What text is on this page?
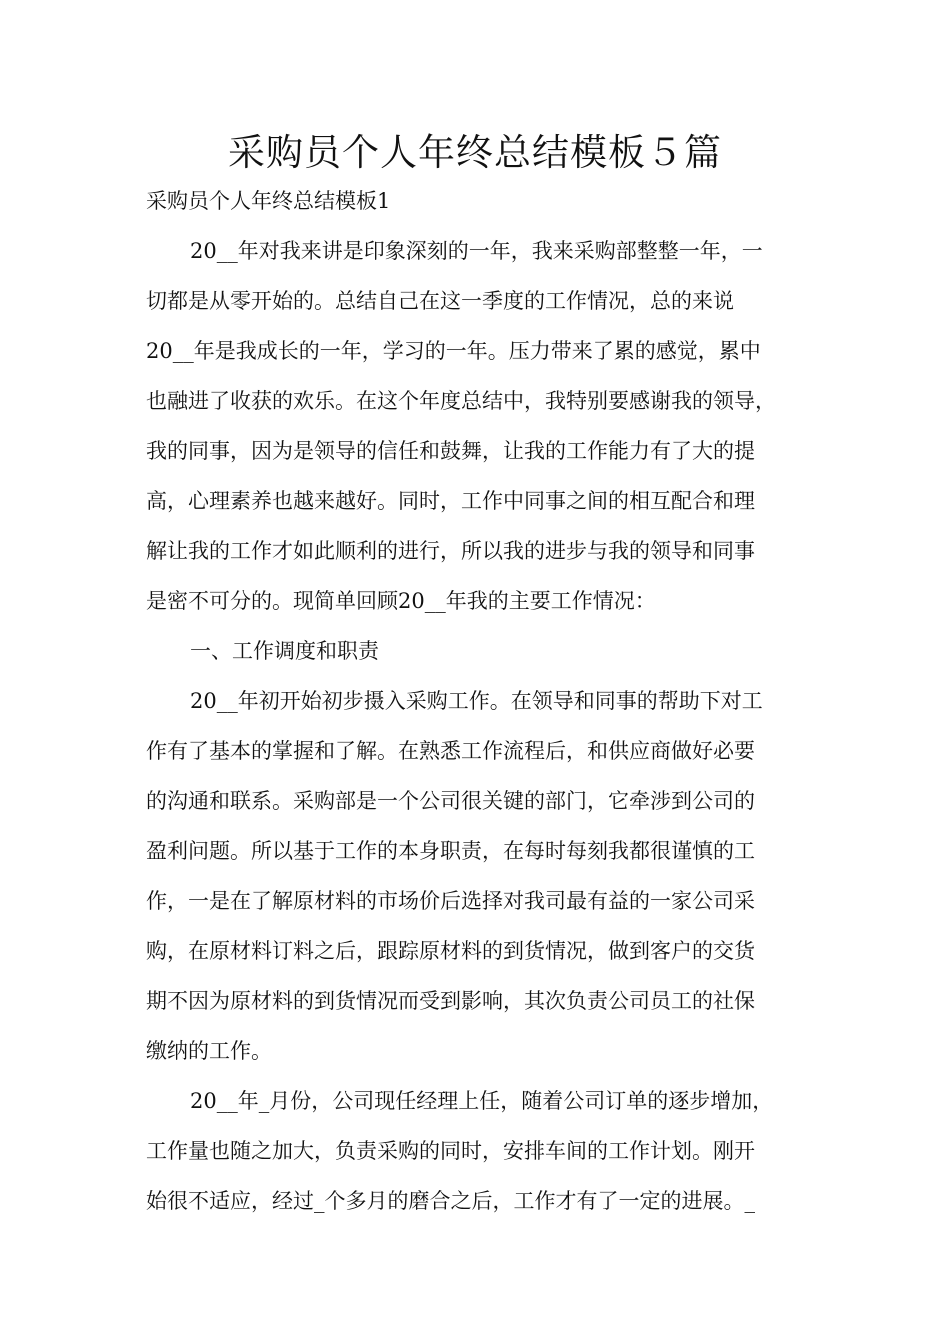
采购员个人年终总结模板５篇
采购员个人年终总结模板1
20__年对我来讲是印象深刻的一年，我来采购部整整一年，一
切都是从零开始的。总结自己在这一季度的工作情况，总的来说
20__年是我成长的一年，学习的一年。压力带来了累的感觉，累中
也融进了收获的欢乐。在这个年度总结中，我特别要感谢我的领导，
我的同事，因为是领导的信任和鼓舞，让我的工作能力有了大的提
高，心理素养也越来越好。同时，工作中同事之间的相互配合和理
解让我的工作才如此顺利的进行，所以我的进步与我的领导和同事
是密不可分的。现简单回顾20__年我的主要工作情况：
一、工作调度和职责
20__年初开始初步摄入采购工作。在领导和同事的帮助下对工
作有了基本的掌握和了解。在熟悉工作流程后，和供应商做好必要
的沟通和联系。采购部是一个公司很关键的部门，它牵涉到公司的
盈利问题。所以基于工作的本身职责，在每时每刻我都很谨慎的工
作，一是在了解原材料的市场价后选择对我司最有益的一家公司采
购，在原材料订料之后，跟踪原材料的到货情况，做到客户的交货
期不因为原材料的到货情况而受到影响，其次负责公司员工的社保
缴纳的工作。
20__年_月份，公司现任经理上任，随着公司订单的逐步增加，
工作量也随之加大，负责采购的同时，安排车间的工作计划。刚开
始很不适应，经过_个多月的磨合之后，工作才有了一定的进展。_
